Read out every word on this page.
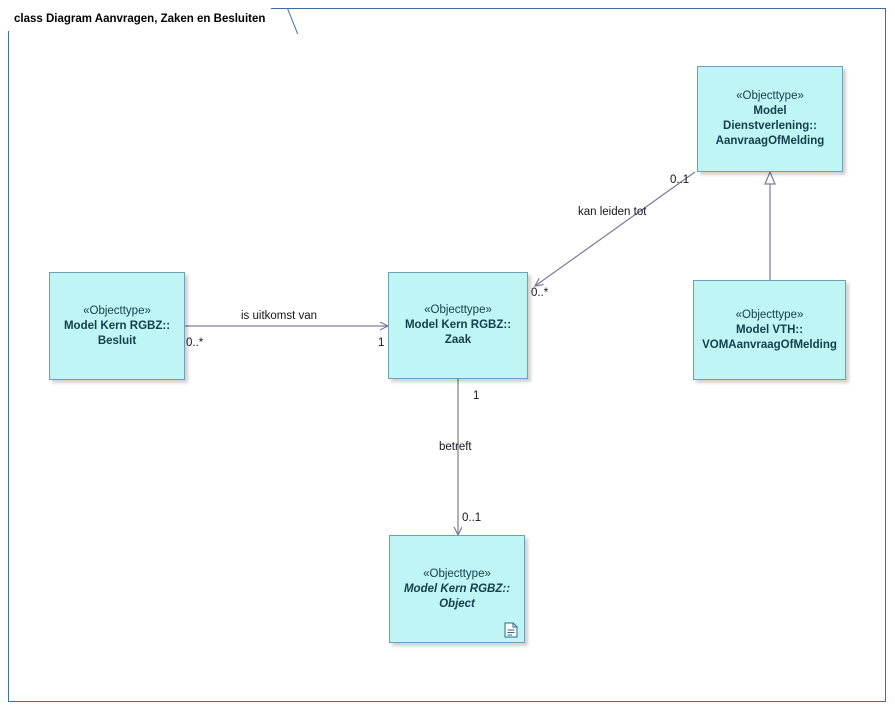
class Diagram Aanvragen, Zaken en Besluiten
«Objecttype»
Model
Dienstverlening::
AanvraagOfMelding
«Objecttype»
Model Kern RGBZ::
Besluit
«Objecttype»
Model Kern RGBZ::
Zaak
«Objecttype»
Model VTH::
VOMAanvraagOfMelding
«Objecttype»
Model Kern RGBZ::
Object
is uitkomst van
0..*	1
kan leiden tot
0..*
0..1
betreft
1
0..1
